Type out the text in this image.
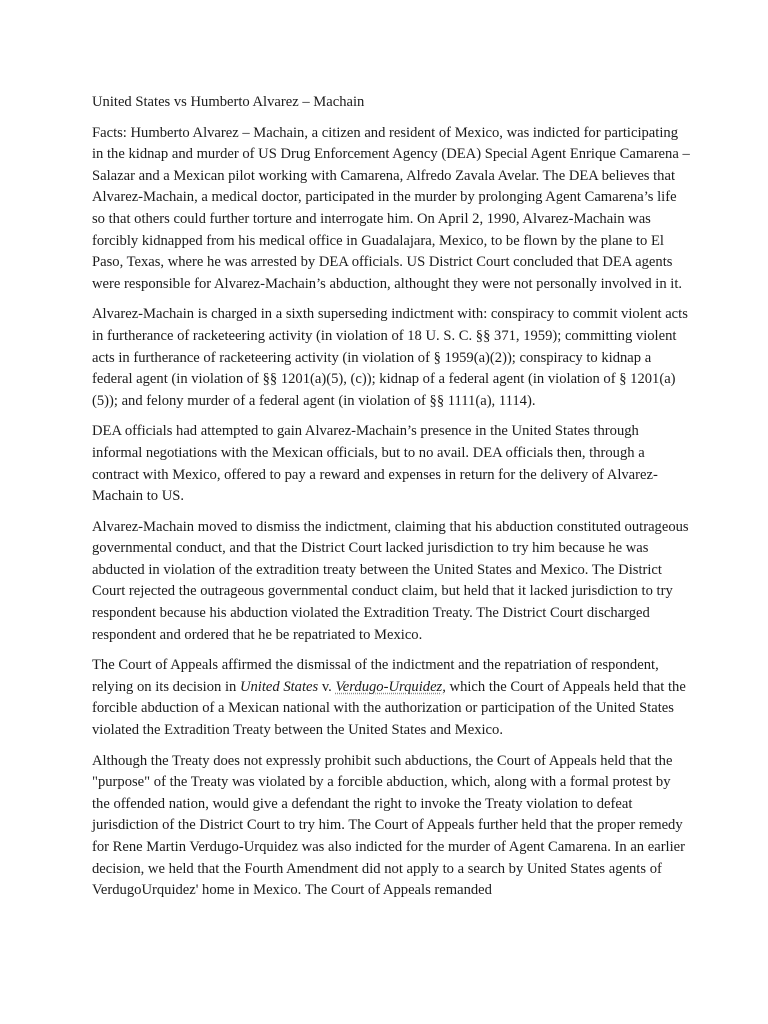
United States vs Humberto Alvarez – Machain

Facts: Humberto Alvarez – Machain, a citizen and resident of Mexico, was indicted for participating in the kidnap and murder of US Drug Enforcement Agency (DEA) Special Agent Enrique Camarena – Salazar and a Mexican pilot working with Camarena, Alfredo Zavala Avelar. The DEA believes that Alvarez-Machain, a medical doctor, participated in the murder by prolonging Agent Camarena’s life so that others could further torture and interrogate him. On April 2, 1990, Alvarez-Machain was forcibly kidnapped from his medical office in Guadalajara, Mexico, to be flown by the plane to El Paso, Texas, where he was arrested by DEA officials. US District Court concluded that DEA agents were responsible for Alvarez-Machain’s abduction, althought they were not personally involved in it.

Alvarez-Machain is charged in a sixth superseding indictment with: conspiracy to commit violent acts in furtherance of racketeering activity (in violation of 18 U. S. C. §§ 371, 1959); committing violent acts in furtherance of racketeering activity (in violation of § 1959(a)(2)); conspiracy to kidnap a federal agent (in violation of §§ 1201(a)(5), (c)); kidnap of a federal agent (in violation of § 1201(a)(5)); and felony murder of a federal agent (in violation of §§ 1111(a), 1114).

DEA officials had attempted to gain Alvarez-Machain’s presence in the United States through informal negotiations with the Mexican officials, but to no avail. DEA officials then, through a contract with Mexico, offered to pay a reward and expenses in return for the delivery of Alvarez-Machain to US.

Alvarez-Machain moved to dismiss the indictment, claiming that his abduction constituted outrageous governmental conduct, and that the District Court lacked jurisdiction to try him because he was abducted in violation of the extradition treaty between the United States and Mexico. The District Court rejected the outrageous governmental conduct claim, but held that it lacked jurisdiction to try respondent because his abduction violated the Extradition Treaty. The District Court discharged respondent and ordered that he be repatriated to Mexico.

The Court of Appeals affirmed the dismissal of the indictment and the repatriation of respondent, relying on its decision in United States v. Verdugo-Urquidez, which the Court of Appeals held that the forcible abduction of a Mexican national with the authorization or participation of the United States violated the Extradition Treaty between the United States and Mexico.

Although the Treaty does not expressly prohibit such abductions, the Court of Appeals held that the "purpose" of the Treaty was violated by a forcible abduction, which, along with a formal protest by the offended nation, would give a defendant the right to invoke the Treaty violation to defeat jurisdiction of the District Court to try him. The Court of Appeals further held that the proper remedy for Rene Martin Verdugo-Urquidez was also indicted for the murder of Agent Camarena. In an earlier decision, we held that the Fourth Amendment did not apply to a search by United States agents of VerdugoUrquidez' home in Mexico. The Court of Appeals remanded
